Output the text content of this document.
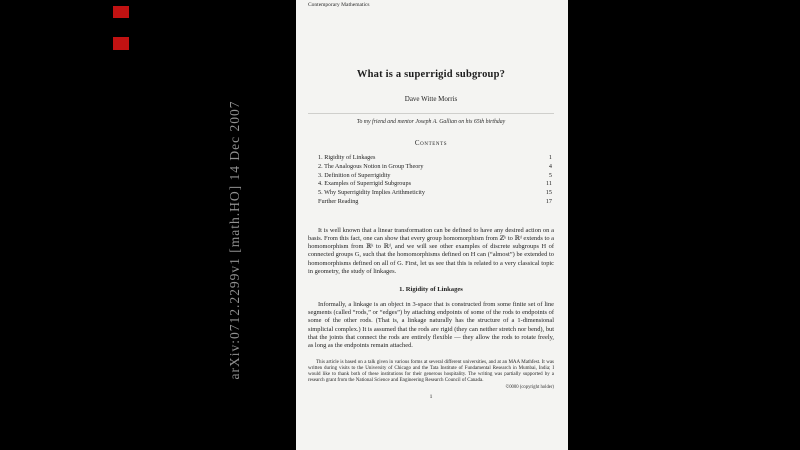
arXiv:0712.2299v1 [math.HO] 14 Dec 2007
Contemporary Mathematics
What is a superrigid subgroup?
Dave Witte Morris
To my friend and mentor Joseph A. Gallian on his 65th birthday
Contents
1. Rigidity of Linkages	1
2. The Analogous Notion in Group Theory	4
3. Definition of Superrigidity	5
4. Examples of Superrigid Subgroups	11
5. Why Superrigidity Implies Arithmeticity	15
Further Reading	17

It is well known that a linear transformation can be defined to have any desired action on a basis. From this fact, one can show that every group homomorphism from ℤᵏ to ℝᵈ extends to a homomorphism from ℝᵏ to ℝᵈ, and we will see other examples of discrete subgroups H of connected groups G, such that the homomorphisms defined on H can (“almost”) be extended to homomorphisms defined on all of G. First, let us see that this is related to a very classical topic in geometry, the study of linkages.

1. Rigidity of Linkages

Informally, a linkage is an object in 3-space that is constructed from some finite set of line segments (called “rods,” or “edges”) by attaching endpoints of some of the rods to endpoints of some of the other rods. (That is, a linkage naturally has the structure of a 1-dimensional simplicial complex.) It is assumed that the rods are rigid (they can neither stretch nor bend), but that the joints that connect the rods are entirely flexible — they allow the rods to rotate freely, as long as the endpoints remain attached.

This article is based on a talk given in various forms at several different universities, and at an MAA Mathfest. It was written during visits to the University of Chicago and the Tata Institute of Fundamental Research in Mumbai, India; I would like to thank both of these institutions for their generous hospitality. The writing was partially supported by a research grant from the National Science and Engineering Research Council of Canada.
©0000 (copyright holder)
1
